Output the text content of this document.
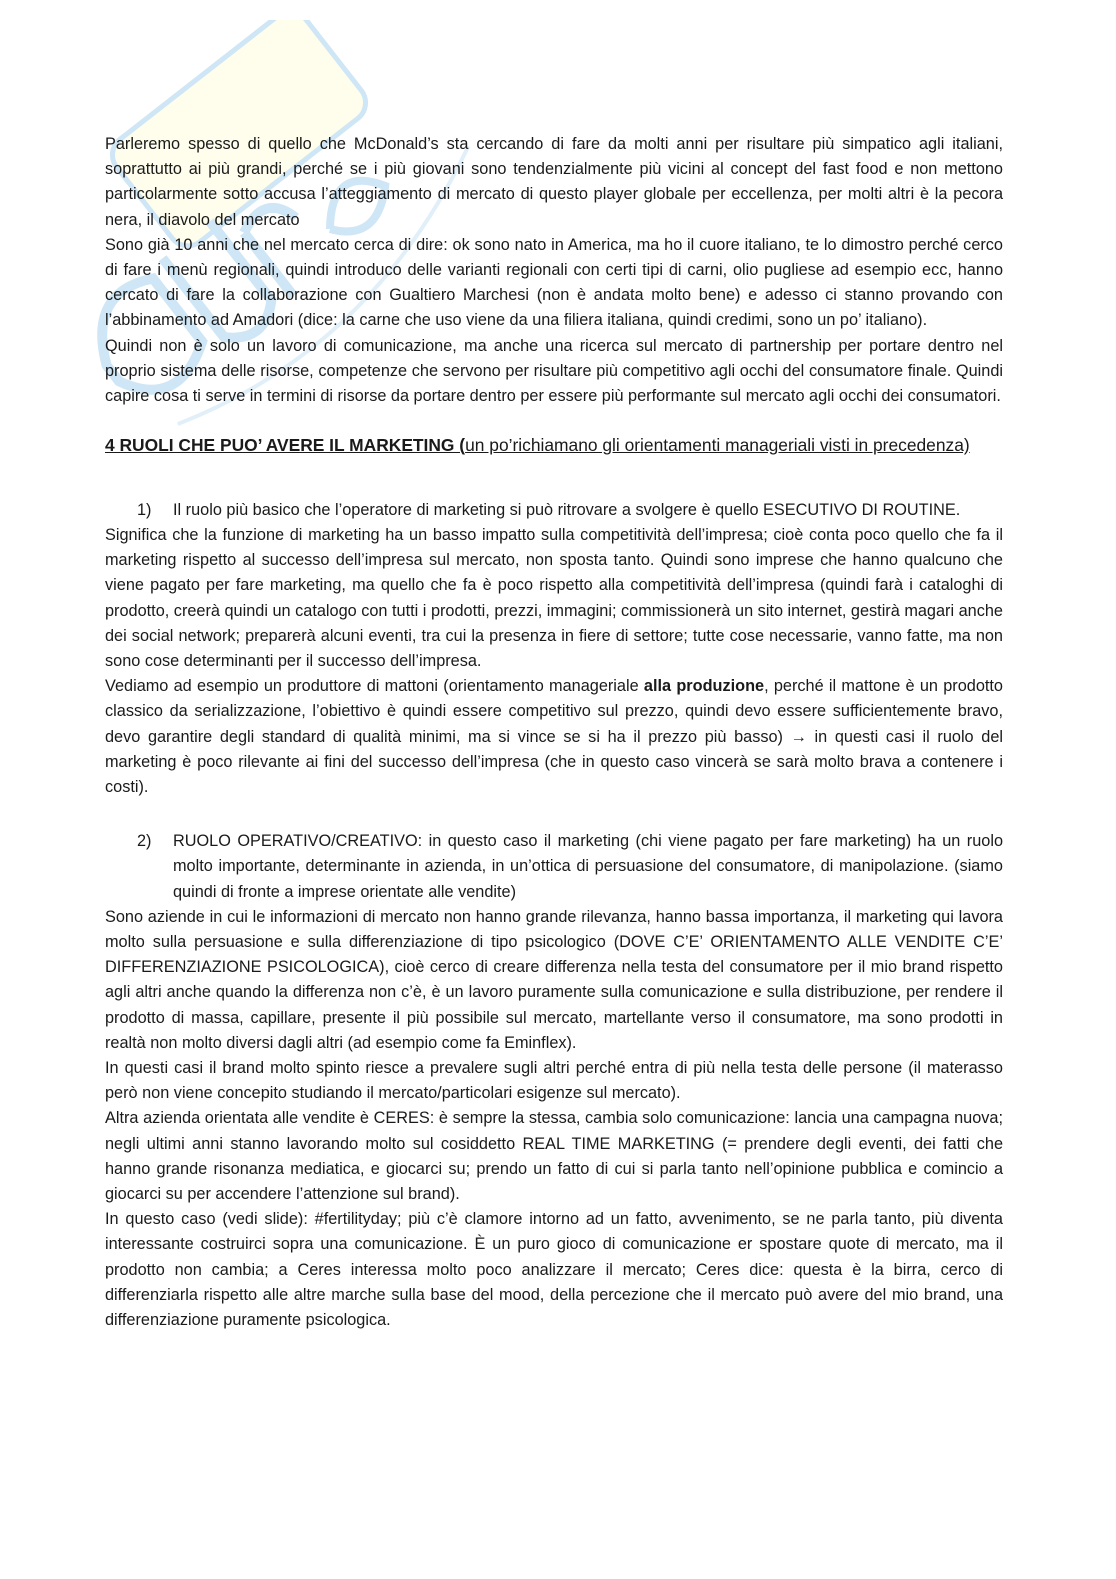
Parleremo spesso di quello che McDonald’s sta cercando di fare da molti anni per risultare più simpatico agli italiani, soprattutto ai più grandi, perché se i più giovani sono tendenzialmente più vicini al concept del fast food e non mettono particolarmente sotto accusa l’atteggiamento di mercato di questo player globale per eccellenza, per molti altri è la pecora nera, il diavolo del mercato

Sono già 10 anni che nel mercato cerca di dire: ok sono nato in America, ma ho il cuore italiano, te lo dimostro perché cerco di fare i menù regionali, quindi introduco delle varianti regionali con certi tipi di carni, olio pugliese ad esempio ecc, hanno cercato di fare la collaborazione con Gualtiero Marchesi (non è andata molto bene) e adesso ci stanno provando con l’abbinamento ad Amadori (dice: la carne che uso viene da una filiera italiana, quindi credimi, sono un po’ italiano).

Quindi non è solo un lavoro di comunicazione, ma anche una ricerca sul mercato di partnership per portare dentro nel proprio sistema delle risorse, competenze che servono per risultare più competitivo agli occhi del consumatore finale. Quindi capire cosa ti serve in termini di risorse da portare dentro per essere più performante sul mercato agli occhi dei consumatori.

4 RUOLI CHE PUO’ AVERE IL MARKETING (un po’richiamano gli orientamenti manageriali visti in precedenza)

1)	Il ruolo più basico che l’operatore di marketing si può ritrovare a svolgere è quello ESECUTIVO DI ROUTINE.

Significa che la funzione di marketing ha un basso impatto sulla competitività dell’impresa; cioè conta poco quello che fa il marketing rispetto al successo dell’impresa sul mercato, non sposta tanto. Quindi sono imprese che hanno qualcuno che viene pagato per fare marketing, ma quello che fa è poco rispetto alla competitività dell’impresa (quindi farà i cataloghi di prodotto, creerà quindi un catalogo con tutti i prodotti, prezzi, immagini; commissionerà un sito internet, gestirà magari anche dei social network; preparerà alcuni eventi, tra cui la presenza in fiere di settore; tutte cose necessarie, vanno fatte, ma non sono cose determinanti per il successo dell’impresa.

Vediamo ad esempio un produttore di mattoni (orientamento manageriale alla produzione, perché il mattone è un prodotto classico da serializzazione, l’obiettivo è quindi essere competitivo sul prezzo, quindi devo essere sufficientemente bravo, devo garantire degli standard di qualità minimi, ma si vince se si ha il prezzo più basso) → in questi casi il ruolo del marketing è poco rilevante ai fini del successo dell’impresa (che in questo caso vincerà se sarà molto brava a contenere i costi).

2)	RUOLO OPERATIVO/CREATIVO: in questo caso il marketing (chi viene pagato per fare marketing) ha un ruolo molto importante, determinante in azienda, in un’ottica di persuasione del consumatore, di manipolazione. (siamo quindi di fronte a imprese orientate alle vendite)

Sono aziende in cui le informazioni di mercato non hanno grande rilevanza, hanno bassa importanza, il marketing qui lavora molto sulla persuasione e sulla differenziazione di tipo psicologico (DOVE C’E’ ORIENTAMENTO ALLE VENDITE C’E’ DIFFERENZIAZIONE PSICOLOGICA), cioè cerco di creare differenza nella testa del consumatore per il mio brand rispetto agli altri anche quando la differenza non c’è, è un lavoro puramente sulla comunicazione e sulla distribuzione, per rendere il prodotto di massa, capillare, presente il più possibile sul mercato, martellante verso il consumatore, ma sono prodotti in realtà non molto diversi dagli altri (ad esempio come fa Eminflex).

In questi casi il brand molto spinto riesce a prevalere sugli altri perché entra di più nella testa delle persone (il materasso però non viene concepito studiando il mercato/particolari esigenze sul mercato).

Altra azienda orientata alle vendite è CERES: è sempre la stessa, cambia solo comunicazione: lancia una campagna nuova; negli ultimi anni stanno lavorando molto sul cosiddetto REAL TIME MARKETING (= prendere degli eventi, dei fatti che hanno grande risonanza mediatica, e giocarci su; prendo un fatto di cui si parla tanto nell’opinione pubblica e comincio a giocarci su per accendere l’attenzione sul brand).

In questo caso (vedi slide): #fertilityday; più c’è clamore intorno ad un fatto, avvenimento, se ne parla tanto, più diventa interessante costruirci sopra una comunicazione. È un puro gioco di comunicazione er spostare quote di mercato, ma il prodotto non cambia; a Ceres interessa molto poco analizzare il mercato; Ceres dice: questa è la birra, cerco di differenziarla rispetto alle altre marche sulla base del mood, della percezione che il mercato può avere del mio brand, una differenziazione puramente psicologica.
